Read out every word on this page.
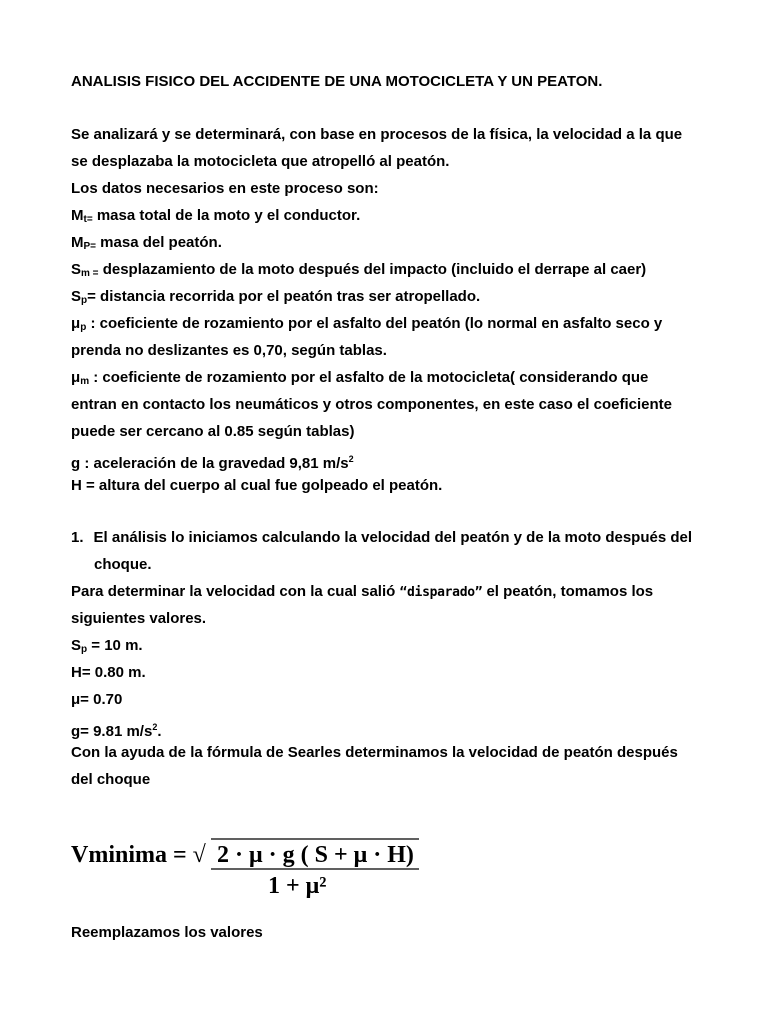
ANALISIS FISICO DEL ACCIDENTE DE UNA MOTOCICLETA Y UN PEATON.
Se analizará y se determinará, con base en procesos de la física, la velocidad a la que
se desplazaba la motocicleta que atropelló al peatón.
Los datos necesarios en este proceso son:
$M_{t=}$ masa total de la moto y el conductor.
$M_{P=}$ masa del peatón.
$S_{m =}$ desplazamiento de la moto después del impacto (incluido el derrape al caer)
$S_p=$ distancia recorrida por el peatón tras ser atropellado.
$\mu_p$ : coeficiente de rozamiento por el asfalto del peatón (lo normal en asfalto seco y
prenda no deslizantes es 0,70, según tablas.
$\mu_m$ : coeficiente de rozamiento por el asfalto de la motocicleta( considerando que
entran en contacto los neumáticos y otros componentes, en este caso el coeficiente
puede ser cercano al 0.85 según tablas)
g : aceleración de la gravedad 9,81 $m/s^2$
H = altura del cuerpo al cual fue golpeado el peatón.
1. El análisis lo iniciamos calculando la velocidad del peatón y de la moto después del
choque.
Para determinar la velocidad con la cual salió “disparado” el peatón, tomamos los
siguientes valores.
$S_p = 10$ m.
H= 0.80 m.
μ= 0.70
g= 9.81 $m/s^2$.
Con la ayuda de la fórmula de Searles determinamos la velocidad de peatón después
del choque
Vminima = √ 2 · μ · g ( S + μ · H)
1 + μ²
Reemplazamos los valores
